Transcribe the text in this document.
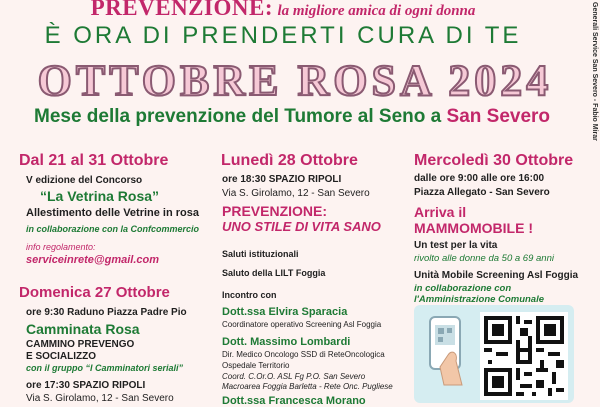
Generali Service San Severo - Fabio Mirar
PREVENZIONE: la migliore amica di ogni donna
È ORA DI PRENDERTI CURA DI TE
OTTOBRE ROSA 2024
Mese della prevenzione del Tumore al Seno a San Severo
Dal 21 al 31 Ottobre
V edizione del Concorso
“La Vetrina Rosa”
Allestimento delle Vetrine in rosa
in collaborazione con la Confcommercio
info regolamento:
serviceinrete@gmail.com
Domenica 27 Ottobre
ore 9:30 Raduno Piazza Padre Pio
Camminata Rosa
CAMMINO PREVENGO
E SOCIALIZZO
con il gruppo “I Camminatori seriali”
ore 17:30 SPAZIO RIPOLI
Via S. Girolamo, 12 - San Severo
Lunedì 28 Ottobre
ore 18:30 SPAZIO RIPOLI
Via S. Girolamo, 12 - San Severo
PREVENZIONE:
UNO STILE DI VITA SANO
Saluti istituzionali
Saluto della LILT Foggia
Incontro con
Dott.ssa Elvira Sparacia
Coordinatore operativo Screening Asl Foggia
Dott. Massimo Lombardi
Dir. Medico Oncologo SSD di ReteOncologica
Ospedale Territorio
Coord. C.Or.O. ASL Fg P.O. San Severo
Macroarea Foggia Barletta - Rete Onc. Pugliese
Dott.ssa Francesca Morano
Mercoledì 30 Ottobre
dalle ore 9:00 alle ore 16:00
Piazza Allegato - San Severo
Arriva il
MAMMOMOBILE !
Un test per la vita
rivolto alle donne da 50 a 69 anni
Unità Mobile Screening Asl Foggia
in collaborazione con
l'Amministrazione Comunale
